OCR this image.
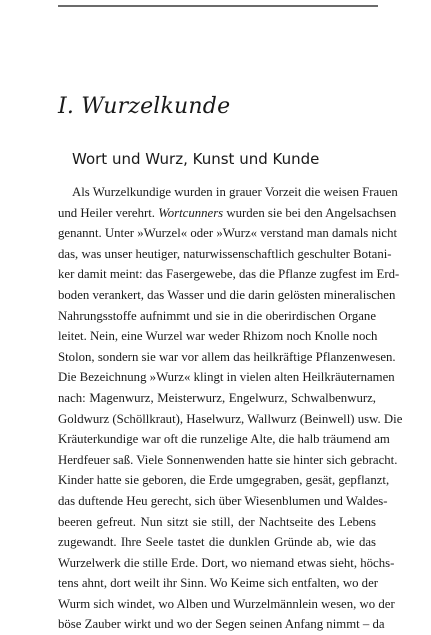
I. Wurzelkunde
Wort und Wurz, Kunst und Kunde
Als Wurzelkundige wurden in grauer Vorzeit die weisen Frauen
und Heiler verehrt. Wortcunners wurden sie bei den Angelsachsen
genannt. Unter »Wurzel« oder »Wurz« verstand man damals nicht
das, was unser heutiger, naturwissenschaftlich geschulter Botani-
ker damit meint: das Fasergewebe, das die Pflanze zugfest im Erd-
boden verankert, das Wasser und die darin gelösten mineralischen
Nahrungsstoffe aufnimmt und sie in die oberirdischen Organe
leitet. Nein, eine Wurzel war weder Rhizom noch Knolle noch
Stolon, sondern sie war vor allem das heilkräftige Pflanzenwesen.
Die Bezeichnung »Wurz« klingt in vielen alten Heilkräuternamen
nach: Magenwurz, Meisterwurz, Engelwurz, Schwalbenwurz,
Goldwurz (Schöllkraut), Haselwurz, Wallwurz (Beinwell) usw. Die
Kräuterkundige war oft die runzelige Alte, die halb träumend am
Herdfeuer saß. Viele Sonnenwenden hatte sie hinter sich gebracht.
Kinder hatte sie geboren, die Erde umgegraben, gesät, gepflanzt,
das duftende Heu gerecht, sich über Wiesenblumen und Waldes-
beeren gefreut. Nun sitzt sie still, der Nachtseite des Lebens
zugewandt. Ihre Seele tastet die dunklen Gründe ab, wie das
Wurzelwerk die stille Erde. Dort, wo niemand etwas sieht, höchs-
tens ahnt, dort weilt ihr Sinn. Wo Keime sich entfalten, wo der
Wurm sich windet, wo Alben und Wurzelmännlein wesen, wo der
böse Zauber wirkt und wo der Segen seinen Anfang nimmt – da
